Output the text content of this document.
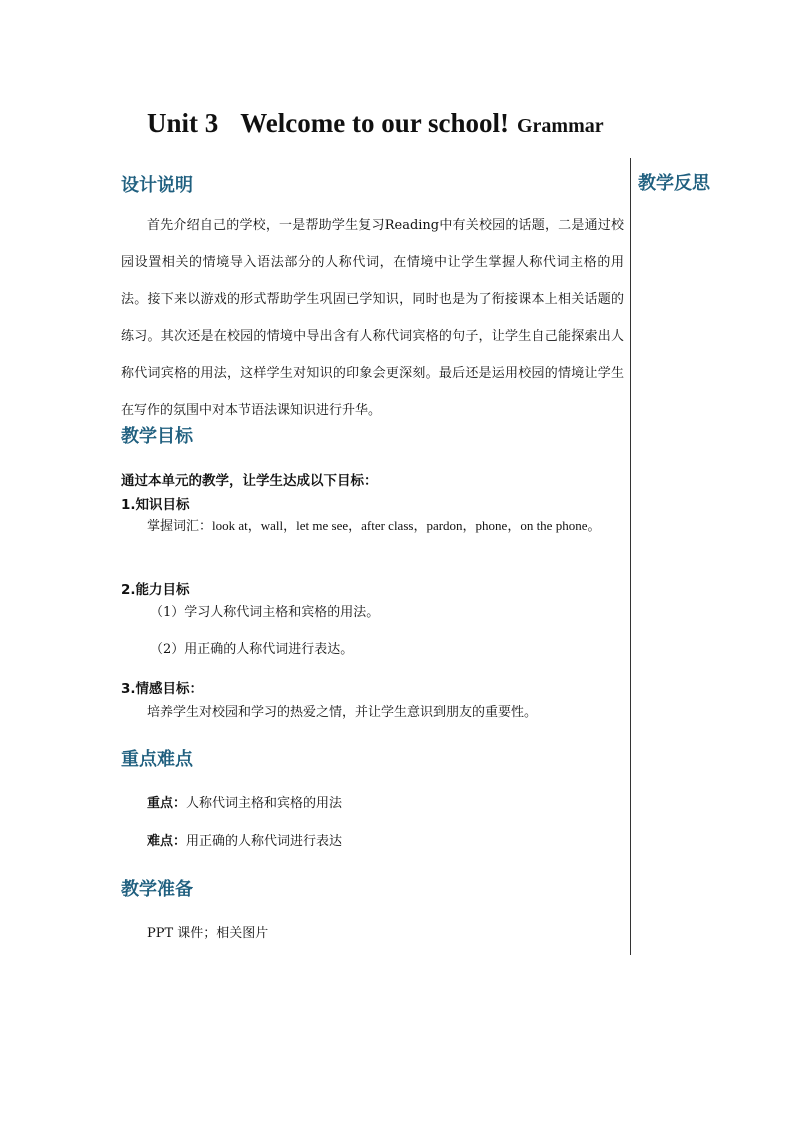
Unit 3 Welcome to our school! Grammar
教学反思
设计说明

首先介绍自己的学校，一是帮助学生复习Reading中有关校园的话题，二是通过校园设置相关的情境导入语法部分的人称代词，在情境中让学生掌握人称代词主格的用法。接下来以游戏的形式帮助学生巩固已学知识，同时也是为了衔接课本上相关话题的练习。其次还是在校园的情境中导出含有人称代词宾格的句子，让学生自己能探索出人称代词宾格的用法，这样学生对知识的印象会更深刻。最后还是运用校园的情境让学生在写作的氛围中对本节语法课知识进行升华。

教学目标
通过本单元的教学，让学生达成以下目标：
1.知识目标

掌握词汇：look at，wall，let me see，after class，pardon，phone，on the phone。

2.能力目标
（1）学习人称代词主格和宾格的用法。
（2）用正确的人称代词进行表达。
3.情感目标：
培养学生对校园和学习的热爱之情，并让学生意识到朋友的重要性。
重点难点
重点：人称代词主格和宾格的用法
难点：用正确的人称代词进行表达
教学准备
PPT 课件；相关图片
